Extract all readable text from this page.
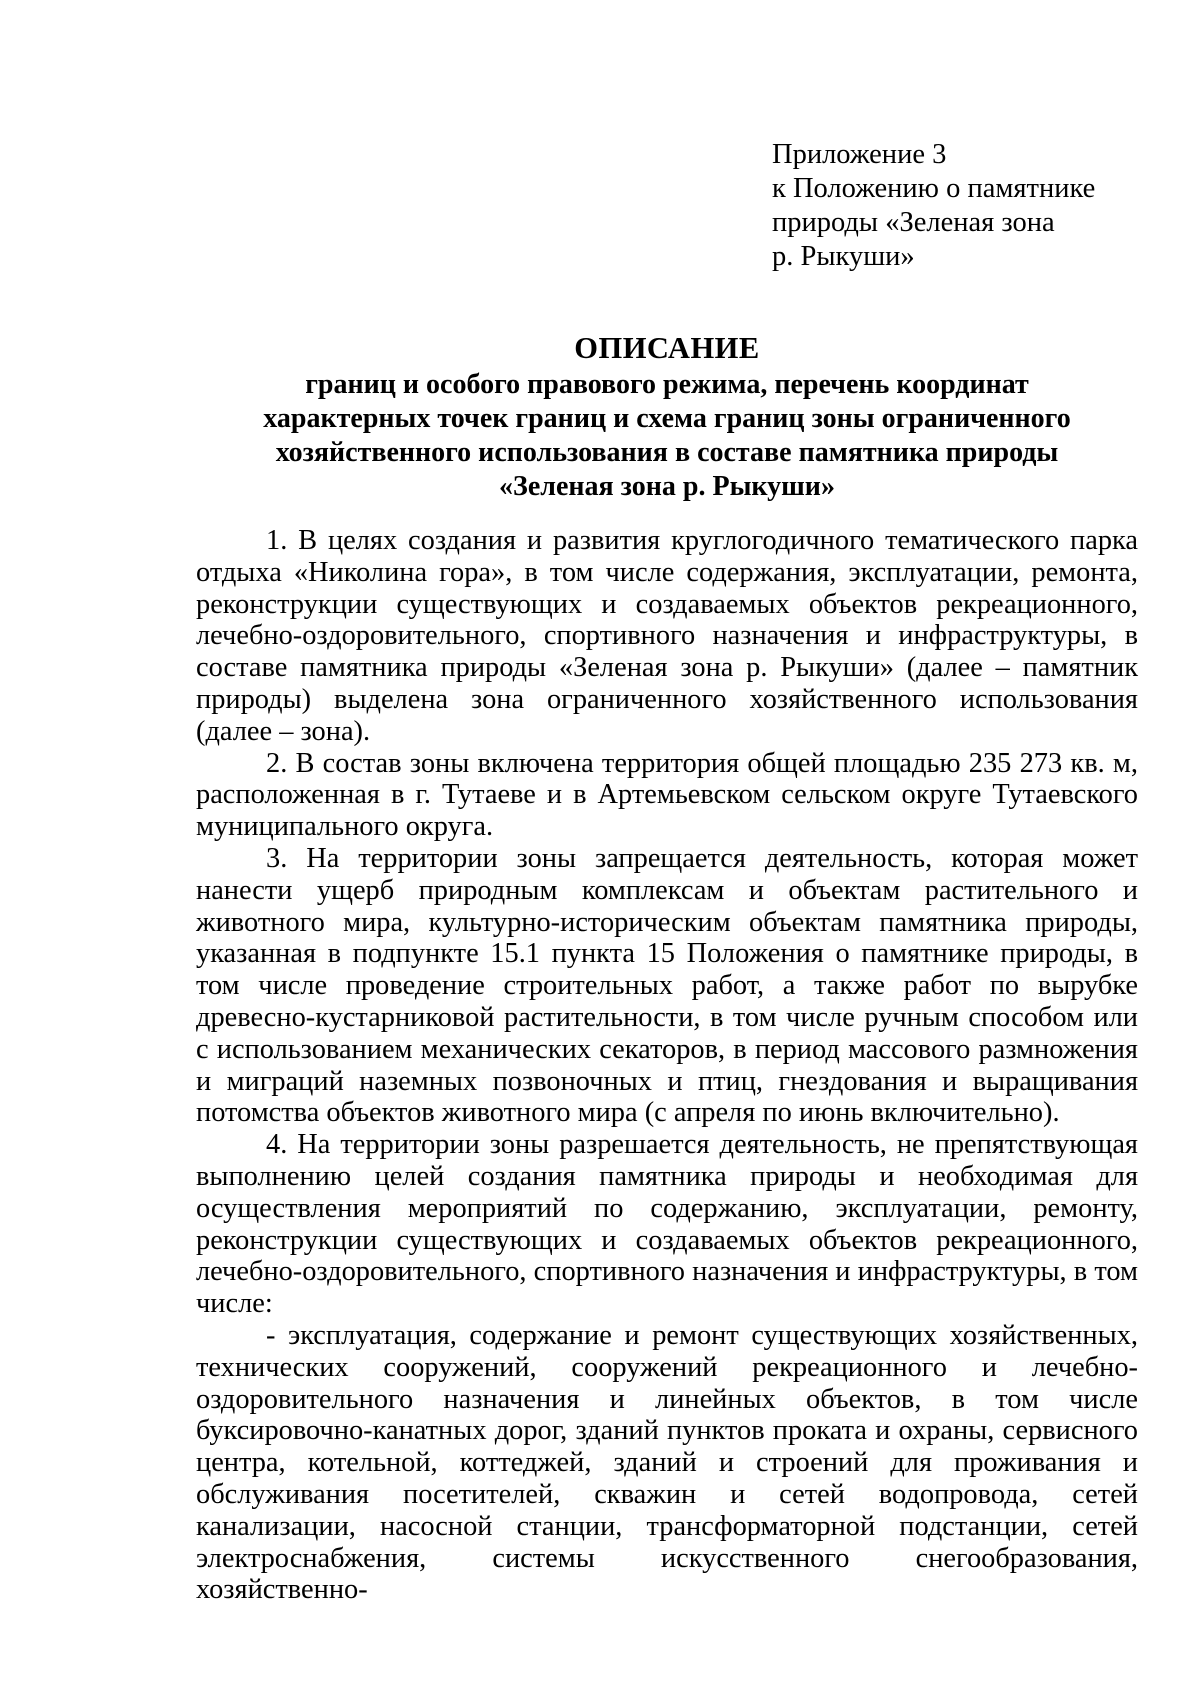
Приложение 3
к Положению о памятнике
природы «Зеленая зона
р. Рыкуши»
ОПИСАНИЕ
границ и особого правового режима, перечень координат
характерных точек границ и схема границ зоны ограниченного
хозяйственного использования в составе памятника природы
«Зеленая зона р. Рыкуши»

1. В целях создания и развития круглогодичного тематического парка отдыха «Николина гора», в том числе содержания, эксплуатации, ремонта, реконструкции существующих и создаваемых объектов рекреационного, лечебно-оздоровительного, спортивного назначения и инфраструктуры, в составе памятника природы «Зеленая зона р. Рыкуши» (далее – памятник природы) выделена зона ограниченного хозяйственного использования (далее – зона).

2. В состав зоны включена территория общей площадью 235 273 кв. м, расположенная в г. Тутаеве и в Артемьевском сельском округе Тутаевского муниципального округа.

3. На территории зоны запрещается деятельность, которая может нанести ущерб природным комплексам и объектам растительного и животного мира, культурно-историческим объектам памятника природы, указанная в подпункте 15.1 пункта 15 Положения о памятнике природы, в том числе проведение строительных работ, а также работ по вырубке древесно-кустарниковой растительности, в том числе ручным способом или с использованием механических секаторов, в период массового размножения и миграций наземных позвоночных и птиц, гнездования и выращивания потомства объектов животного мира (с апреля по июнь включительно).

4. На территории зоны разрешается деятельность, не препятствующая выполнению целей создания памятника природы и необходимая для осуществления мероприятий по содержанию, эксплуатации, ремонту, реконструкции существующих и создаваемых объектов рекреационного, лечебно-оздоровительного, спортивного назначения и инфраструктуры, в том числе:

- эксплуатация, содержание и ремонт существующих хозяйственных, технических сооружений, сооружений рекреационного и лечебно-оздоровительного назначения и линейных объектов, в том числе буксировочно-канатных дорог, зданий пунктов проката и охраны, сервисного центра, котельной, коттеджей, зданий и строений для проживания и обслуживания посетителей, скважин и сетей водопровода, сетей канализации, насосной станции, трансформаторной подстанции, сетей электроснабжения, системы искусственного снегообразования, хозяйственно-
